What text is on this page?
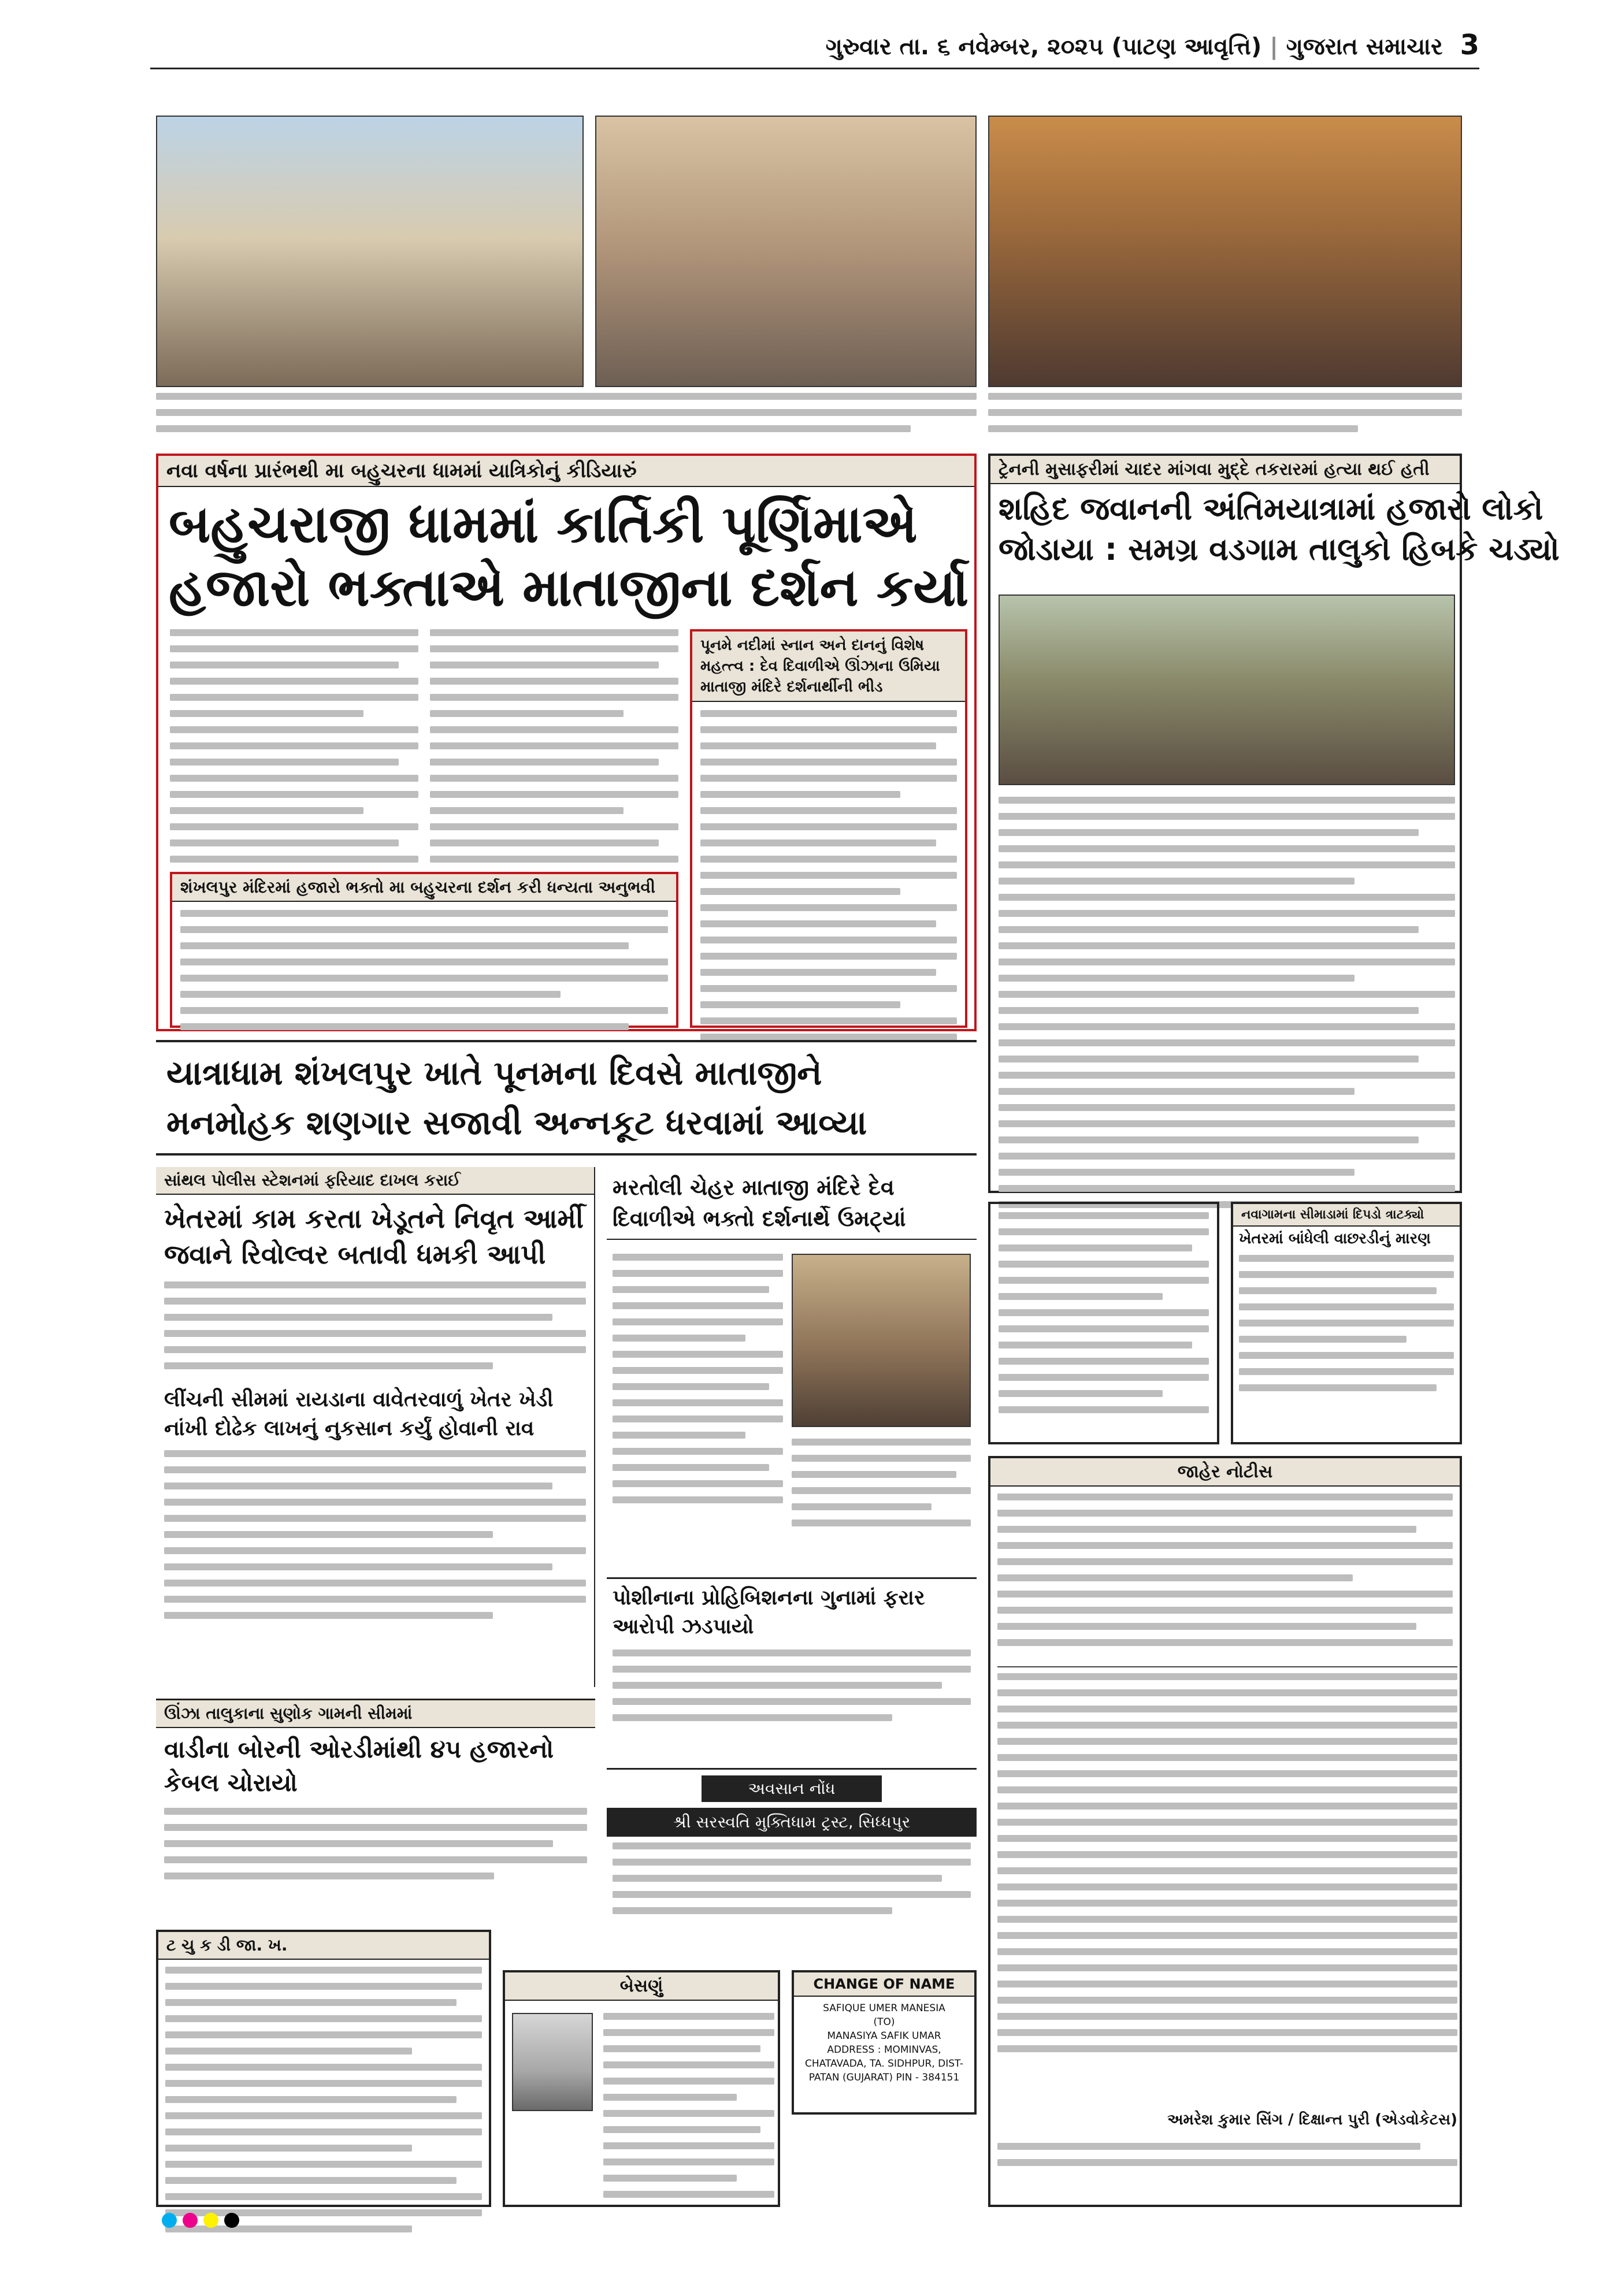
ગુરુવાર તા. ૬ નવેમ્બર, ૨૦૨૫ (પાટણ આવૃત્તિ) | ગુજરાત સમાચાર 3
નવા વર્ષના પ્રારંભથી મા બહુચરના ધામમાં યાત્રિકોનું કીડિયારું
બહુચરાજી ધામમાં કાર્તિકી પૂર્ણિમાએ
હજારો ભક્તાએ માતાજીના દર્શન કર્યા
શંખલપુર મંદિરમાં હજારો ભક્તો મા બહુચરના દર્શન કરી ધન્યતા અનુભવી
પૂનમે નદીમાં સ્નાન અને દાનનું વિશેષ મહત્ત્વ : દેવ દિવાળીએ ઊંઝાના ઉમિયા માતાજી મંદિરે દર્શનાર્થીની ભીડ
ટ્રેનની મુસાફરીમાં ચાદર માંગવા મુદ્દે તકરારમાં હત્યા થઈ હતી
શહિદ જવાનની અંતિમયાત્રામાં હજારો લોકો
જોડાયા : સમગ્ર વડગામ તાલુકો હિબકે ચડ્યો
યાત્રાધામ શંખલપુર ખાતે પૂનમના દિવસે માતાજીને
મનમોહક શણગાર સજાવી અન્નકૂટ ધરવામાં આવ્યા
સાંથલ પોલીસ સ્ટેશનમાં ફરિયાદ દાખલ કરાઈ
ખેતરમાં કામ કરતા ખેડૂતને નિવૃત આર્મી જવાને રિવોલ્વર બતાવી ધમકી આપી
લીંચની સીમમાં રાયડાના વાવેતરવાળું ખેતર ખેડી નાંખી દોઢેક લાખનું નુકસાન કર્યું હોવાની રાવ
મરતોલી ચેહર માતાજી મંદિરે દેવ દિવાળીએ ભક્તો દર્શનાર્થે ઉમટ્યાં
પોશીનાના પ્રોહિબિશનના ગુનામાં ફરાર આરોપી ઝડપાયો
નવાગામના સીમાડામાં દિપડો ત્રાટક્યો
ખેતરમાં બાંધેલી વાછરડીનું મારણ
જાહેર નોટીસ
અમરેશ કુમાર સિંગ / દિક્ષાન્ત પુરી (એડવોકેટસ)
ઊંઝા તાલુકાના સુણોક ગામની સીમમાં
વાડીના બોરની ઓરડીમાંથી ૪૫ હજારનો કેબલ ચોરાયો	અવસાન નોંધ
શ્રી સરસ્વતિ મુક્તિધામ ટ્રસ્ટ, સિધ્ધપુર
CHANGE OF NAME
SAFIQUE UMER MANESIA
(TO)
MANASIYA SAFIK UMAR
ADDRESS : MOMINVAS, CHATAVADA, TA. SIDHPUR, DIST- PATAN (GUJARAT) PIN - 384151
બેસણું
ટ ચુ ક ડી જા. ખ.
